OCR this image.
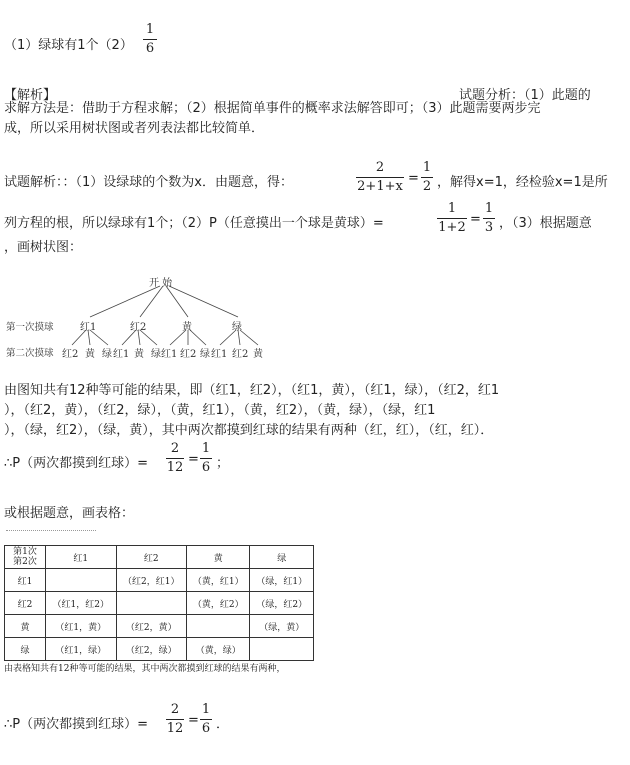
（1）绿球有1个（2）
1
6
【解析】	试题分析：（1）此题的
求解方法是：借助于方程求解；（2）根据简单事件的概率求法解答即可；（3）此题需要两步完
成，所以采用树状图或者列表法都比较简单．
试题解析：：（1）设绿球的个数为x．由题意，得：
2
2+1+x
=
1
2 ，解得x=1，经检验x=1是所
列方程的根，所以绿球有1个；（2）P（任意摸出一个球是黄球）=
1
1+2
=
1
3 ，（3）根据题意
，画树状图：
开 始
第一次摸球
第二次摸球
红1	红2	黄	绿
红2 黄 绿 红1 黄 绿 红1 红2 绿 红1 红2 黄
由图知共有12种等可能的结果，即（红1，红2），（红1，黄），（红1，绿），（红2，红1
），（红2，黄），（红2，绿），（黄，红1），（黄，红2），（黄，绿），（绿，红1
），（绿，红2），（绿，黄），其中两次都摸到红球的结果有两种（红，红），（红，红）．
∴P（两次都摸到红球）=
2
12
=
1
6 ；
或根据题意，画表格：
第1次
第2次	红1	红2	黄	绿
红1		（红2，红1）	（黄，红1）	（绿，红1）
红2	（红1，红2）		（黄，红2）	（绿，红2）
黄	（红1，黄）	（红2，黄）		（绿，黄）
绿	（红1，绿）	（红2，绿）	（黄，绿）	
由表格知共有12种等可能的结果，其中两次都摸到红球的结果有两种，
∴P（两次都摸到红球）=
2
12
=
1
6 ．
